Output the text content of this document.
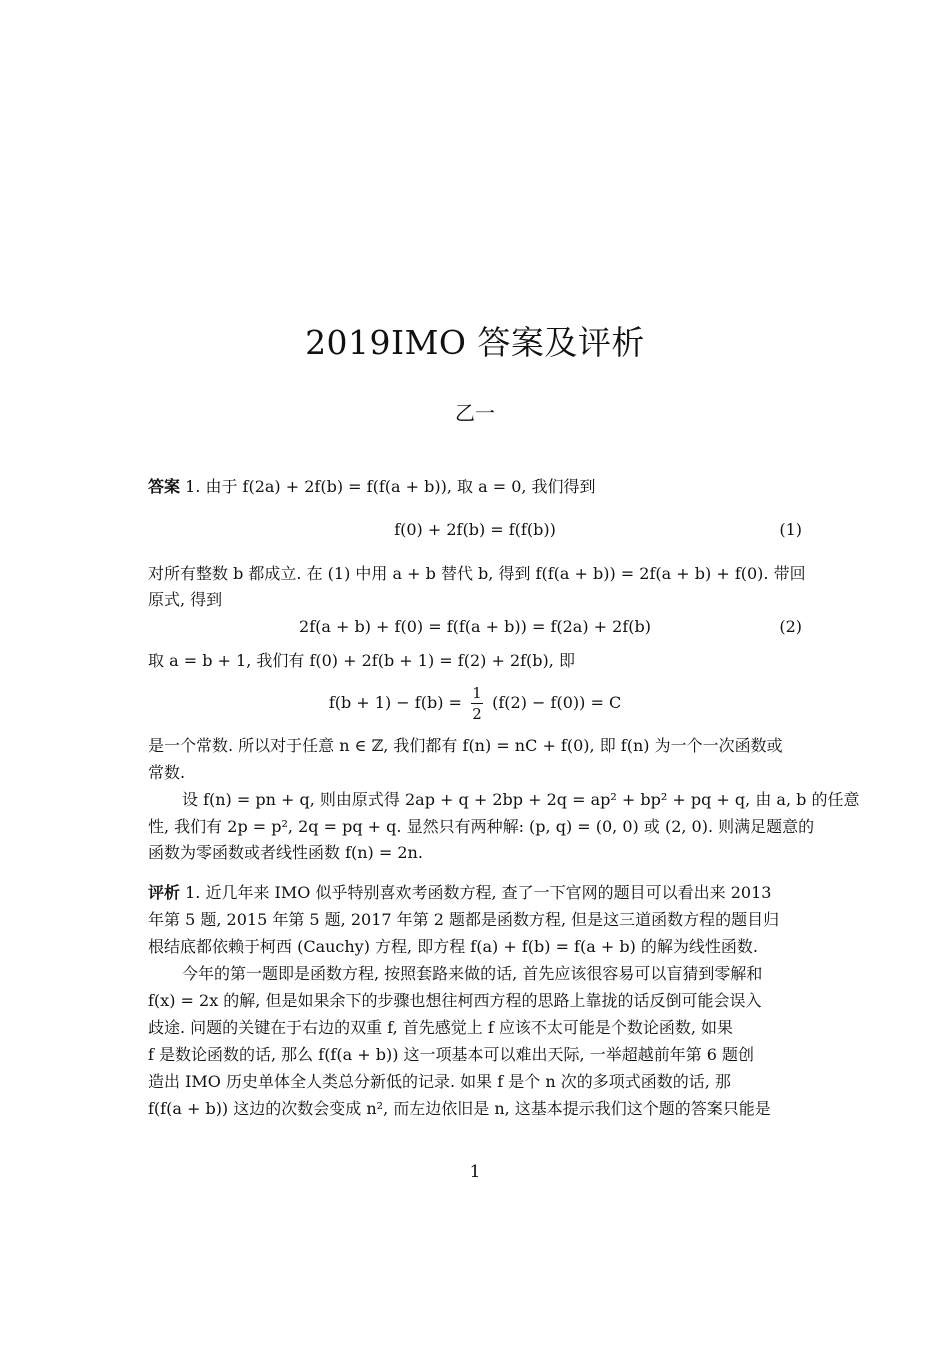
2019IMO 答案及评析
乙一
答案 1. 由于 f(2a) + 2f(b) = f(f(a + b)), 取 a = 0, 我们得到
f(0) + 2f(b) = f(f(b))	(1)
对所有整数 b 都成立. 在 (1) 中用 a + b 替代 b, 得到 f(f(a + b)) = 2f(a + b) + f(0). 带回
原式, 得到
2f(a + b) + f(0) = f(f(a + b)) = f(2a) + 2f(b)	(2)
取 a = b + 1, 我们有 f(0) + 2f(b + 1) = f(2) + 2f(b), 即
$f(b + 1) - f(b) = \frac{1}{2} (f(2) - f(0)) = C$
是一个常数. 所以对于任意 n ∈ ℤ, 我们都有 f(n) = nC + f(0), 即 f(n) 为一个一次函数或
常数.
设 f(n) = pn + q, 则由原式得 2ap + q + 2bp + 2q = ap² + bp² + pq + q, 由 a, b 的任意
性, 我们有 2p = p², 2q = pq + q. 显然只有两种解: (p, q) = (0, 0) 或 (2, 0). 则满足题意的
函数为零函数或者线性函数 f(n) = 2n.
评析 1. 近几年来 IMO 似乎特别喜欢考函数方程, 查了一下官网的题目可以看出来 2013
年第 5 题, 2015 年第 5 题, 2017 年第 2 题都是函数方程, 但是这三道函数方程的题目归
根结底都依赖于柯西 (Cauchy) 方程, 即方程 f(a) + f(b) = f(a + b) 的解为线性函数.
今年的第一题即是函数方程, 按照套路来做的话, 首先应该很容易可以盲猜到零解和
f(x) = 2x 的解, 但是如果余下的步骤也想往柯西方程的思路上靠拢的话反倒可能会误入
歧途. 问题的关键在于右边的双重 f, 首先感觉上 f 应该不太可能是个数论函数, 如果
f 是数论函数的话, 那么 f(f(a + b)) 这一项基本可以难出天际, 一举超越前年第 6 题创
造出 IMO 历史单体全人类总分新低的记录. 如果 f 是个 n 次的多项式函数的话, 那
f(f(a + b)) 这边的次数会变成 n², 而左边依旧是 n, 这基本提示我们这个题的答案只能是
1
